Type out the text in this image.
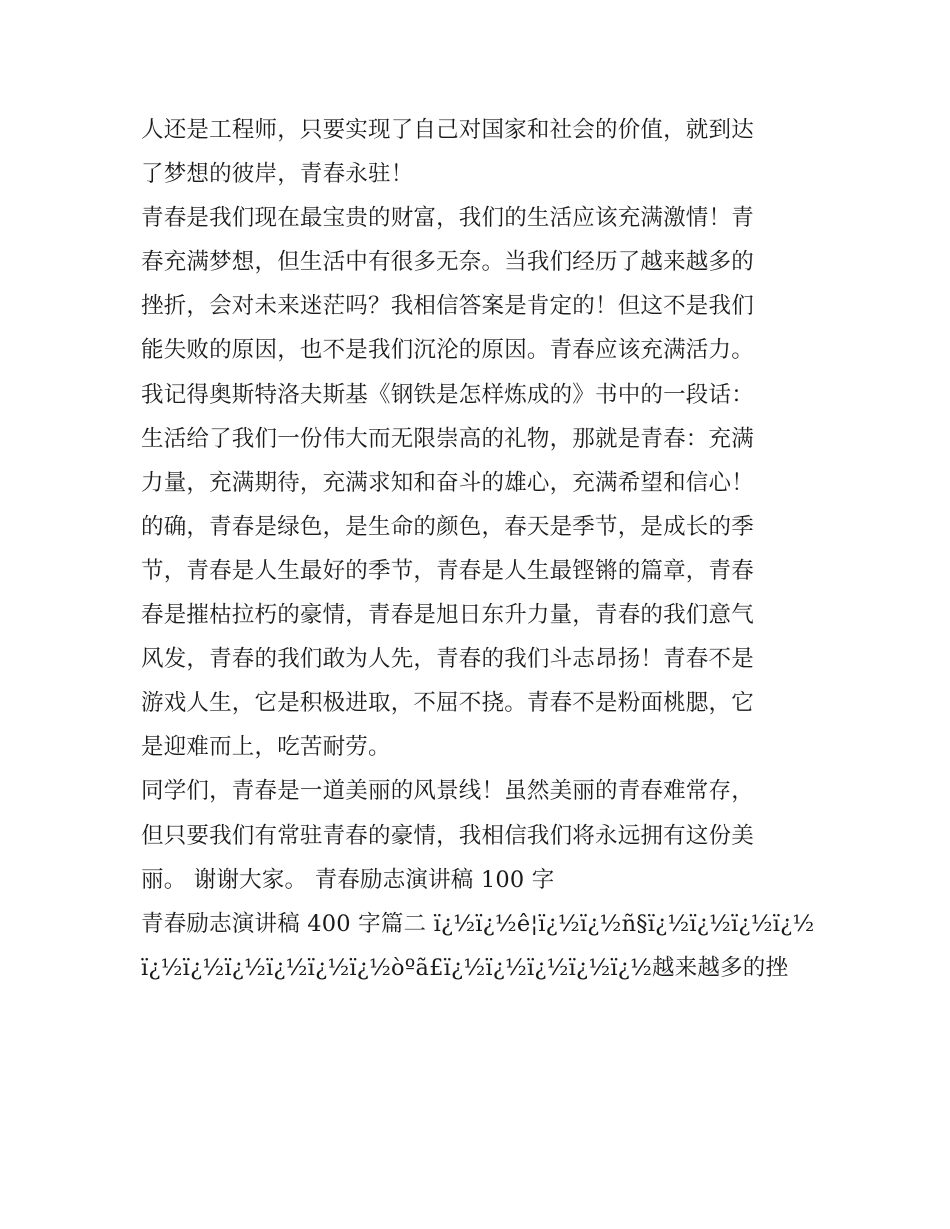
人还是工程师，只要实现了自己对国家和社会的价值，就到达
了梦想的彼岸，青春永驻！
青春是我们现在最宝贵的财富，我们的生活应该充满激情！青
春充满梦想，但生活中有很多无奈。当我们经历了越来越多的
挫折，会对未来迷茫吗？我相信答案是肯定的！但这不是我们
能失败的原因，也不是我们沉沦的原因。青春应该充满活力。
我记得奥斯特洛夫斯基《钢铁是怎样炼成的》书中的一段话：
生活给了我们一份伟大而无限崇高的礼物，那就是青春：充满
力量，充满期待，充满求知和奋斗的雄心，充满希望和信心！
的确，青春是绿色，是生命的颜色，春天是季节，是成长的季
节，青春是人生最好的季节，青春是人生最铿锵的篇章，青春
春是摧枯拉朽的豪情，青春是旭日东升力量，青春的我们意气
风发，青春的我们敢为人先，青春的我们斗志昂扬！青春不是
游戏人生，它是积极进取，不屈不挠。青春不是粉面桃腮，它
是迎难而上，吃苦耐劳。
同学们，青春是一道美丽的风景线！虽然美丽的青春难常存，
但只要我们有常驻青春的豪情，我相信我们将永远拥有这份美
丽。 谢谢大家。 青春励志演讲稿 100 字
青春励志演讲稿 400 字篇二 ï¿½ï¿½ê¦ï¿½ï¿½ñ§ï¿½ï¿½ï¿½ï¿½
ï¿½ï¿½ï¿½ï¿½ï¿½ï¿½òºã£ï¿½ï¿½ï¿½ï¿½ï¿½越来越多的挫
